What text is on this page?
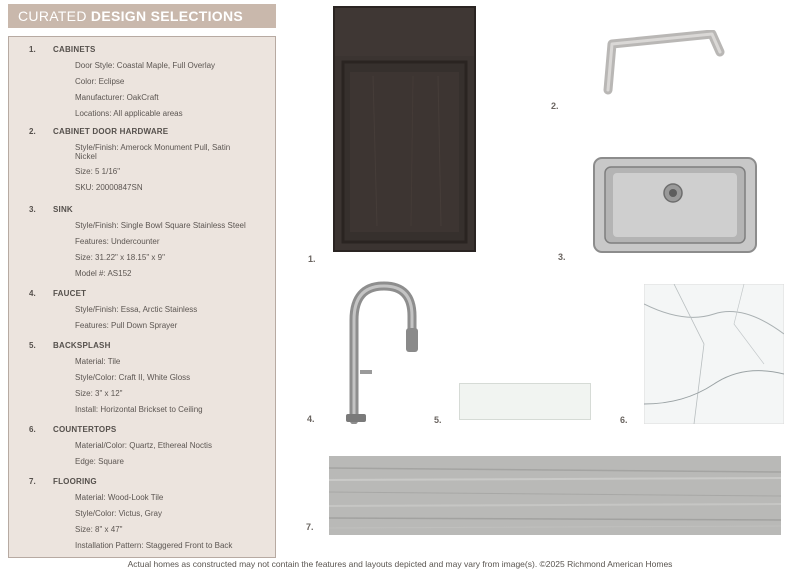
CURATED DESIGN SELECTIONS
1. CABINETS
Door Style: Coastal Maple, Full Overlay
Color: Eclipse
Manufacturer: OakCraft
Locations: All applicable areas
2. CABINET DOOR HARDWARE
Style/Finish: Amerock Monument Pull, Satin Nickel
Size: 5 1/16"
SKU: 20000847SN
3. SINK
Style/Finish: Single Bowl Square Stainless Steel
Features: Undercounter
Size: 31.22" x 18.15" x 9"
Model #: AS152
4. FAUCET
Style/Finish: Essa, Arctic Stainless
Features: Pull Down Sprayer
5. BACKSPLASH
Material: Tile
Style/Color: Craft II, White Gloss
Size: 3" x 12"
Install: Horizontal Brickset to Ceiling
6. COUNTERTOPS
Material/Color: Quartz, Ethereal Noctis
Edge: Square
7. FLOORING
Material: Wood-Look Tile
Style/Color: Victus, Gray
Size: 8" x 47"
Installation Pattern: Staggered Front to Back
1.
2.
3.
4.	5.	6.
7.
Actual homes as constructed may not contain the features and layouts depicted and may vary from image(s). ©2025 Richmond American Homes
